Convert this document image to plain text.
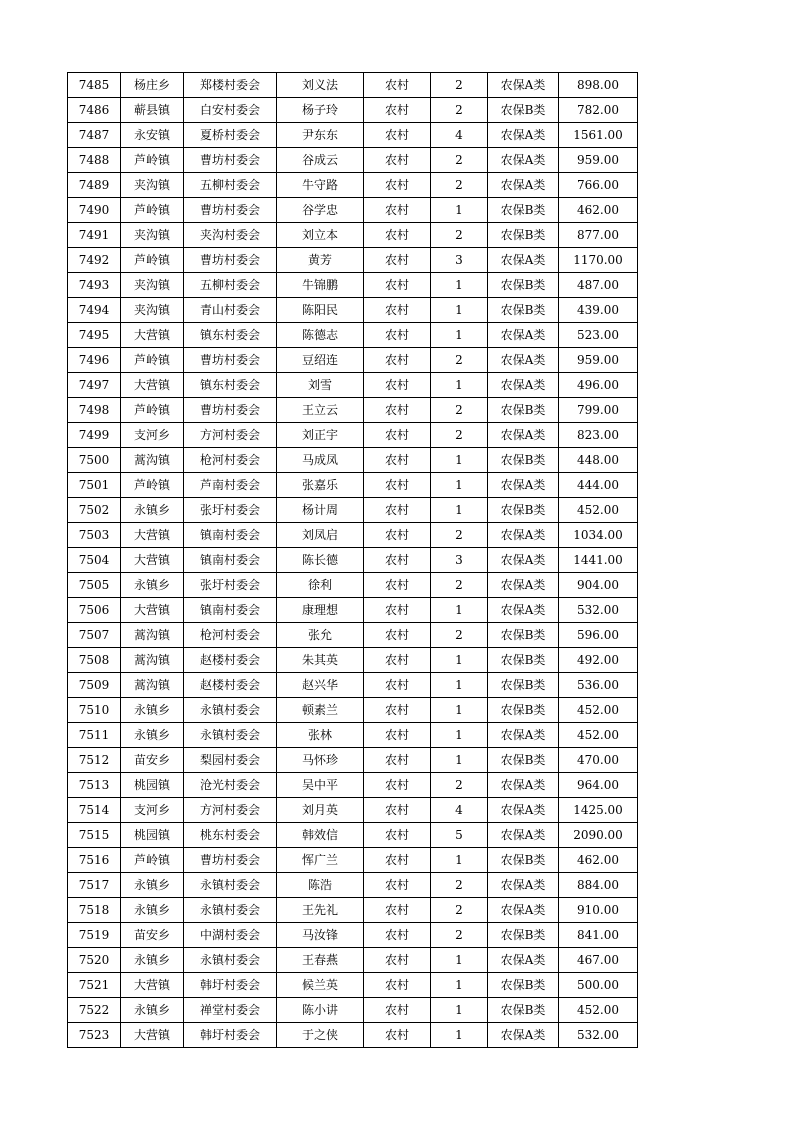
7485	杨庄乡	郑楼村委会	刘义法	农村	2	农保A类	898.00
7486	蕲县镇	白安村委会	杨子玲	农村	2	农保B类	782.00
7487	永安镇	夏桥村委会	尹东东	农村	4	农保A类	1561.00
7488	芦岭镇	曹坊村委会	谷成云	农村	2	农保A类	959.00
7489	夹沟镇	五柳村委会	牛守路	农村	2	农保A类	766.00
7490	芦岭镇	曹坊村委会	谷学忠	农村	1	农保B类	462.00
7491	夹沟镇	夹沟村委会	刘立本	农村	2	农保B类	877.00
7492	芦岭镇	曹坊村委会	黄芳	农村	3	农保A类	1170.00
7493	夹沟镇	五柳村委会	牛锦鹏	农村	1	农保B类	487.00
7494	夹沟镇	青山村委会	陈阳民	农村	1	农保B类	439.00
7495	大营镇	镇东村委会	陈德志	农村	1	农保A类	523.00
7496	芦岭镇	曹坊村委会	豆绍连	农村	2	农保A类	959.00
7497	大营镇	镇东村委会	刘雪	农村	1	农保A类	496.00
7498	芦岭镇	曹坊村委会	王立云	农村	2	农保B类	799.00
7499	支河乡	方河村委会	刘正宇	农村	2	农保A类	823.00
7500	蒿沟镇	枪河村委会	马成凤	农村	1	农保B类	448.00
7501	芦岭镇	芦南村委会	张嘉乐	农村	1	农保A类	444.00
7502	永镇乡	张圩村委会	杨计周	农村	1	农保B类	452.00
7503	大营镇	镇南村委会	刘凤启	农村	2	农保A类	1034.00
7504	大营镇	镇南村委会	陈长德	农村	3	农保A类	1441.00
7505	永镇乡	张圩村委会	徐利	农村	2	农保A类	904.00
7506	大营镇	镇南村委会	康理想	农村	1	农保A类	532.00
7507	蒿沟镇	枪河村委会	张允	农村	2	农保B类	596.00
7508	蒿沟镇	赵楼村委会	朱其英	农村	1	农保B类	492.00
7509	蒿沟镇	赵楼村委会	赵兴华	农村	1	农保B类	536.00
7510	永镇乡	永镇村委会	顿素兰	农村	1	农保B类	452.00
7511	永镇乡	永镇村委会	张林	农村	1	农保A类	452.00
7512	苗安乡	梨园村委会	马怀珍	农村	1	农保B类	470.00
7513	桃园镇	沧光村委会	吴中平	农村	2	农保A类	964.00
7514	支河乡	方河村委会	刘月英	农村	4	农保A类	1425.00
7515	桃园镇	桃东村委会	韩效信	农村	5	农保A类	2090.00
7516	芦岭镇	曹坊村委会	恽广兰	农村	1	农保B类	462.00
7517	永镇乡	永镇村委会	陈浩	农村	2	农保A类	884.00
7518	永镇乡	永镇村委会	王先礼	农村	2	农保A类	910.00
7519	苗安乡	中湖村委会	马汝锋	农村	2	农保B类	841.00
7520	永镇乡	永镇村委会	王春燕	农村	1	农保A类	467.00
7521	大营镇	韩圩村委会	候兰英	农村	1	农保B类	500.00
7522	永镇乡	禅堂村委会	陈小讲	农村	1	农保B类	452.00
7523	大营镇	韩圩村委会	于之侠	农村	1	农保A类	532.00
